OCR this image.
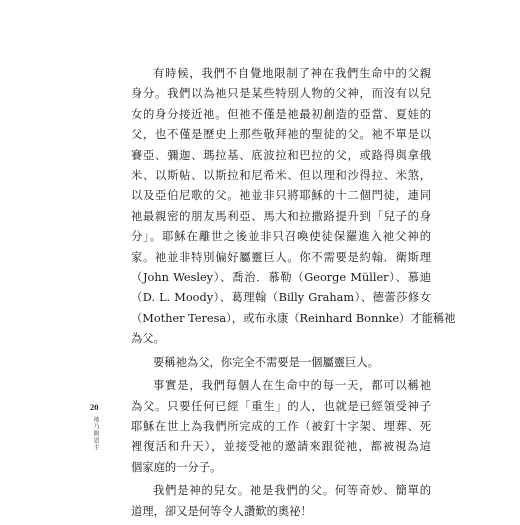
有時候，我們不自覺地限制了神在我們生命中的父親
身分。我們以為祂只是某些特別人物的父神，而沒有以兒
女的身分接近祂。但祂不僅是祂最初創造的亞當、夏娃的
父，也不僅是歷史上那些敬拜祂的聖徒的父。祂不單是以
賽亞、彌迦、瑪拉基、底波拉和巴拉的父，或路得與拿俄
米、以斯帖、以斯拉和尼希米、但以理和沙得拉、米煞，
以及亞伯尼歌的父。祂並非只將耶穌的十二個門徒，連同
祂最親密的朋友馬利亞、馬大和拉撒路提升到「兒子的身
分」。耶穌在離世之後並非只召喚使徒保羅進入祂父神的
家。祂並非特別偏好屬靈巨人。你不需要是約翰．衛斯理
（John Wesley）、喬治．慕勒（George Müller）、慕迪
（D. L. Moody）、葛理翰（Billy Graham）、德蕾莎修女
（Mother Teresa），或布永康（Reinhard Bonnke）才能稱祂
為父。

要稱祂為父，你完全不需要是一個屬靈巨人。

事實是，我們每個人在生命中的每一天，都可以稱祂
為父。只要任何已經「重生」的人，也就是已經領受神子
耶穌在世上為我們所完成的工作（被釘十字架、埋葬、死
裡復活和升天），並接受祂的邀請來跟從祂，都被視為這
個家庭的一分子。

我們是神的兒女。祂是我們的父。何等奇妙、簡單的
道理，卻又是何等令人讚歎的奧祕！

20
祂乃賜恩主
